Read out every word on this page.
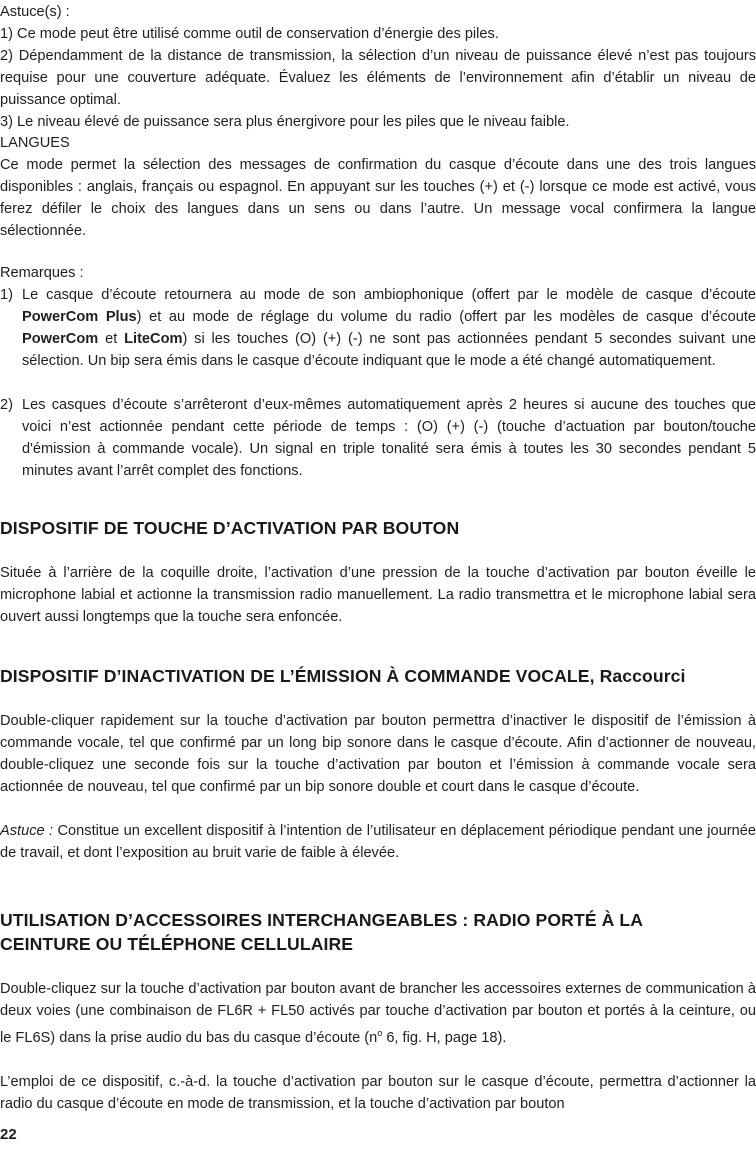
Astuce(s) :
1) Ce mode peut être utilisé comme outil de conservation d’énergie des piles.

2) Dépendamment de la distance de transmission, la sélection d’un niveau de puissance élevé n’est pas toujours requise pour une couverture adéquate. Évaluez les éléments de l’environnement afin d’établir un niveau de puissance optimal.

3) Le niveau élevé de puissance sera plus énergivore pour les piles que le niveau faible.
LANGUES

Ce mode permet la sélection des messages de confirmation du casque d’écoute dans une des trois langues disponibles : anglais, français ou espagnol. En appuyant sur les touches (+) et (-) lorsque ce mode est activé, vous ferez défiler le choix des langues dans un sens ou dans l’autre. Un message vocal confirmera la langue sélectionnée.

Remarques :
1) Le casque d’écoute retournera au mode de son ambiophonique (offert par le modèle de casque d’écoute PowerCom Plus) et au mode de réglage du volume du radio (offert par les modèles de casque d’écoute PowerCom et LiteCom) si les touches (O) (+) (-) ne sont pas actionnées pendant 5 secondes suivant une sélection. Un bip sera émis dans le casque d’écoute indiquant que le mode a été changé automatiquement.
2) Les casques d’écoute s’arrêteront d’eux-mêmes automatiquement après 2 heures si aucune des touches que voici n’est actionnée pendant cette période de temps : (O) (+) (-) (touche d’actuation par bouton/touche d'émission à commande vocale). Un signal en triple tonalité sera émis à toutes les 30 secondes pendant 5 minutes avant l’arrêt complet des fonctions.
DISPOSITIF DE TOUCHE D’ACTIVATION PAR BOUTON

Située à l’arrière de la coquille droite, l’activation d’une pression de la touche d’activation par bouton éveille le microphone labial et actionne la transmission radio manuellement. La radio transmettra et le microphone labial sera ouvert aussi longtemps que la touche sera enfoncée.

DISPOSITIF D’INACTIVATION DE L’ÉMISSION À COMMANDE VOCALE, Raccourci

Double-cliquer rapidement sur la touche d’activation par bouton permettra d’inactiver le dispositif de l’émission à commande vocale, tel que confirmé par un long bip sonore dans le casque d’écoute. Afin d’actionner de nouveau, double-cliquez une seconde fois sur la touche d’activation par bouton et l’émission à commande vocale sera actionnée de nouveau, tel que confirmé par un bip sonore double et court dans le casque d’écoute.

Astuce : Constitue un excellent dispositif à l’intention de l’utilisateur en déplacement périodique pendant une journée de travail, et dont l’exposition au bruit varie de faible à élevée.

UTILISATION D’ACCESSOIRES INTERCHANGEABLES : RADIO PORTÉ À LA
CEINTURE OU TÉLÉPHONE CELLULAIRE

Double-cliquez sur la touche d’activation par bouton avant de brancher les accessoires externes de communication à deux voies (une combinaison de FL6R + FL50 activés par touche d’activation par bouton et portés à la ceinture, ou le FL6S) dans la prise audio du bas du casque d’écoute ($n^o$ 6, fig. H, page 18).

L’emploi de ce dispositif, c.-à-d. la touche d’activation par bouton sur le casque d’écoute, permettra d’actionner la radio du casque d’écoute en mode de transmission, et la touche d’activation par bouton

22
